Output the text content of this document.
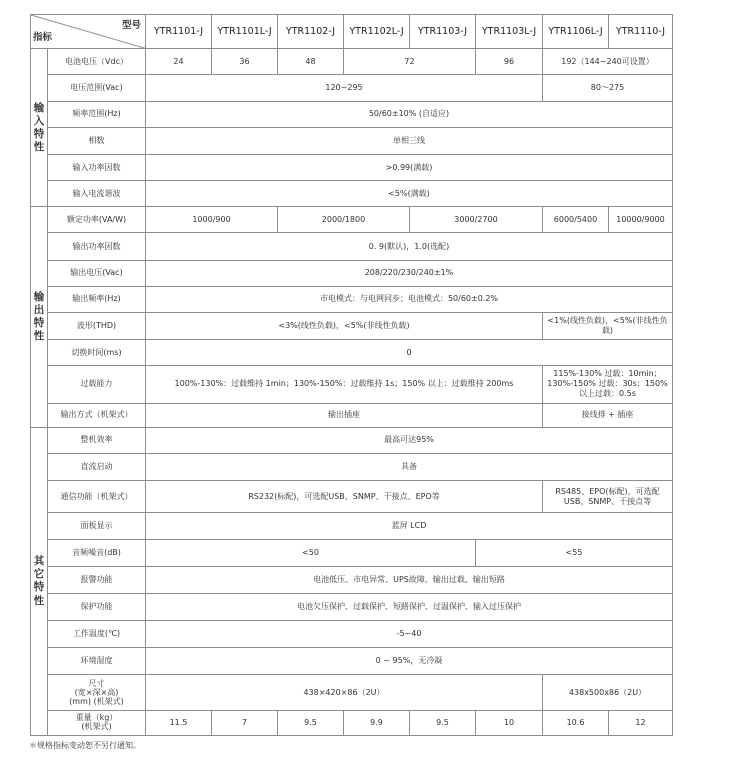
型号
指标		YTR1101-J	YTR1101L-J	YTR1102-J	YTR1102L-J	YTR1103-J	YTR1103L-J	YTR1106L-J	YTR1110-J
输
入
特
性	电池电压（Vdc）	24	36	48	72		96	192（144~240可设置）	
	电压范围(Vac)	120~295						80～275	
	频率范围(Hz)	50/60±10% (自适应)							
	相数	单相三线							
	输入功率因数	>0.99(满载)							
	输入电流谐波	<5%(满载)							
输
出
特
性	额定功率(VA/W)	1000/900		2000/1800		3000/2700		6000/5400	10000/9000
	输出功率因数	0. 9(默认)，1.0(选配)							
	输出电压(Vac)	208/220/230/240±1%							
	输出频率(Hz)	市电模式：与电网同步；电池模式：50/60±0.2%							
	波形(THD)	<3%(线性负载)，<5%(非线性负载)						<1%(线性负载)，<5%(非线性负载)	
	切换时间(ms)	0							
	过载能力	100%-130%：过载维持 1min；130%-150%：过载维持 1s；150% 以上：过载维持 200ms						115%-130% 过载：10min；130%-150% 过载：30s；150% 以上过载：0.5s	
	输出方式（机架式）	输出插座						接线排 + 插座	
其
它
特
性	整机效率	最高可达95%							
	直流启动	具备							
	通信功能（机架式）	RS232(标配)，可选配USB、SNMP、干接点、EPO等						RS485、EPO(标配)，可选配USB、SNMP、干接点等	
	面板显示	蓝屏 LCD							
	音频噪音(dB)	<50					<55		
	报警功能	电池低压、市电异常、UPS故障、输出过载、输出短路							
	保护功能	电池欠压保护、过载保护、短路保护、过温保护、输入过压保护							
	工作温度(℃)	-5~40							
	环境湿度	0 ~ 95%，无冷凝							
	尺寸
(宽×深×高)
(mm) (机架式)	438×420×86（2U）						438x500x86（2U）	
	重量（kg）
(机架式)	11.5	7	9.5	9.9	9.5	10	10.6	12
＊规格指标变动恕不另行通知。
